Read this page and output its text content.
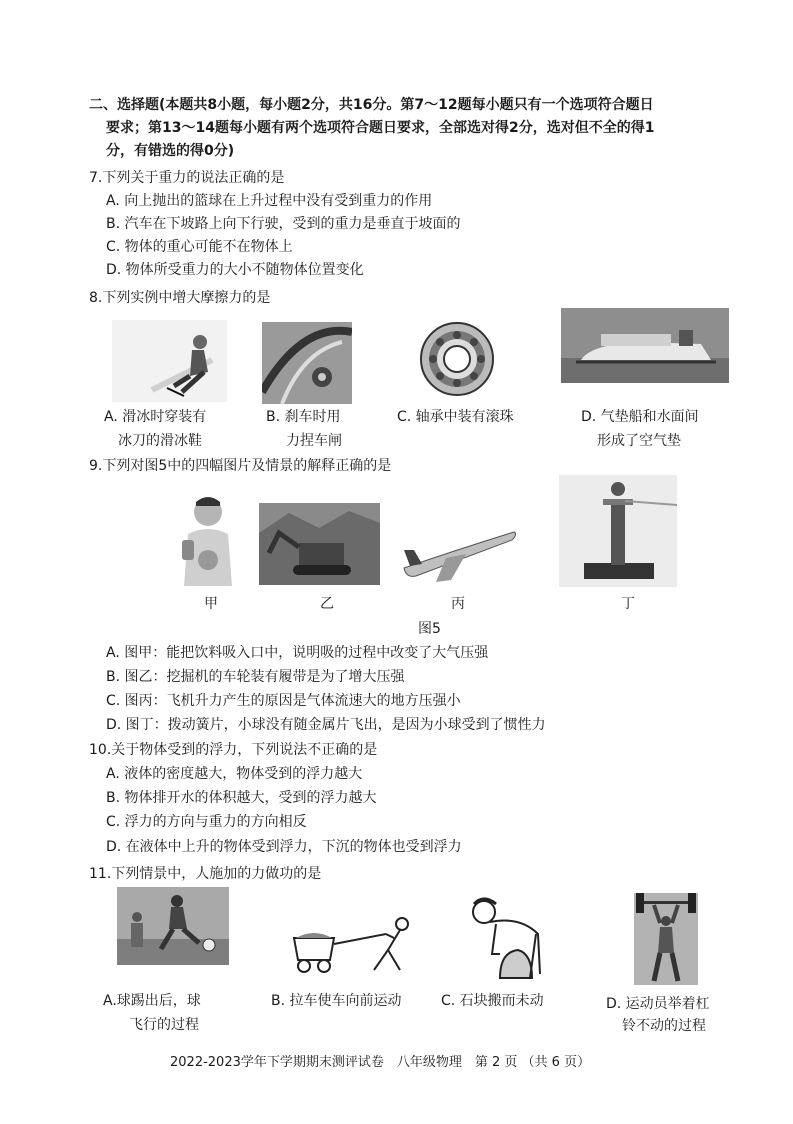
二、选择题(本题共8小题，每小题2分，共16分。第7～12题每小题只有一个选项符合题日
要求；第13～14题每小题有两个选项符合题日要求，全部选对得2分，选对但不全的得1
分，有错选的得0分)
7.下列关于重力的说法正确的是
A. 向上抛出的篮球在上升过程中没有受到重力的作用
B. 汽车在下坡路上向下行驶，受到的重力是垂直于坡面的
C. 物体的重心可能不在物体上
D. 物体所受重力的大小不随物体位置变化
8.下列实例中增大摩擦力的是
A. 滑冰时穿装有
冰刀的滑冰鞋
B. 刹车时用
力捏车闸
C. 轴承中装有滚珠	D. 气垫船和水面间
形成了空气垫
9.下列对图5中的四幅图片及情景的解释正确的是
甲	乙	丙	丁
图5
A. 图甲：能把饮料吸入口中，说明吸的过程中改变了大气压强
B. 图乙：挖掘机的车轮装有履带是为了增大压强
C. 图丙：飞机升力产生的原因是气体流速大的地方压强小
D. 图丁：拨动簧片，小球没有随金属片飞出，是因为小球受到了惯性力
10.关于物体受到的浮力，下列说法不正确的是
A. 液体的密度越大，物体受到的浮力越大
B. 物体排开水的体积越大，受到的浮力越大
C. 浮力的方向与重力的方向相反
D. 在液体中上升的物体受到浮力，下沉的物体也受到浮力
11.下列情景中，人施加的力做功的是
A.球踢出后，球
飞行的过程
B. 拉车使车向前运动	C. 石块搬而未动	D. 运动员举着杠
铃不动的过程
2022-2023学年下学期期末测评试卷　八年级物理　第 2 页 （共 6 页）
